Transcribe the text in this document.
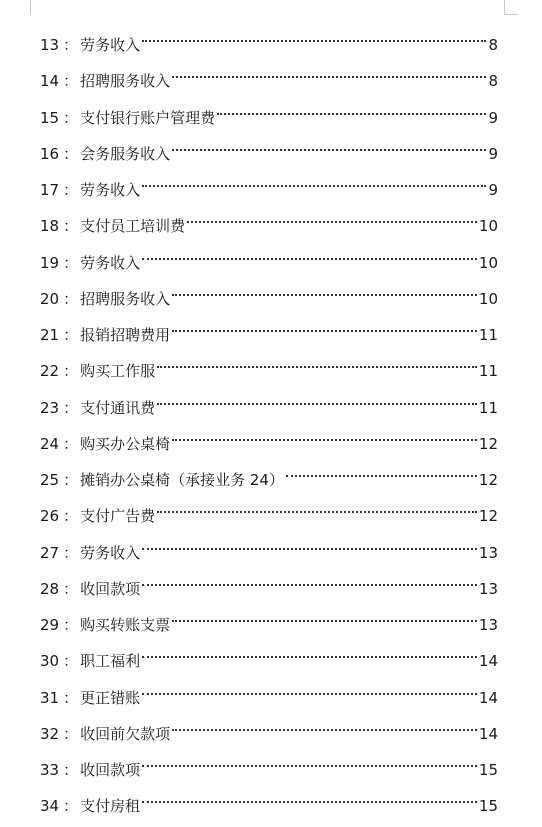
13 ： 劳务收入	8
14 ： 招聘服务收入	8
15 ： 支付银行账户管理费	9
16 ： 会务服务收入	9
17 ： 劳务收入	9
18 ： 支付员工培训费	10
19 ： 劳务收入	10
20 ： 招聘服务收入	10
21 ： 报销招聘费用	11
22 ： 购买工作服	11
23 ： 支付通讯费	11
24 ： 购买办公桌椅	12
25 ： 摊销办公桌椅（承接业务 24）	12
26 ： 支付广告费	12
27 ： 劳务收入	13
28 ： 收回款项	13
29 ： 购买转账支票	13
30 ： 职工福利	14
31 ： 更正错账	14
32 ： 收回前欠款项	14
33 ： 收回款项	15
34 ： 支付房租	15
